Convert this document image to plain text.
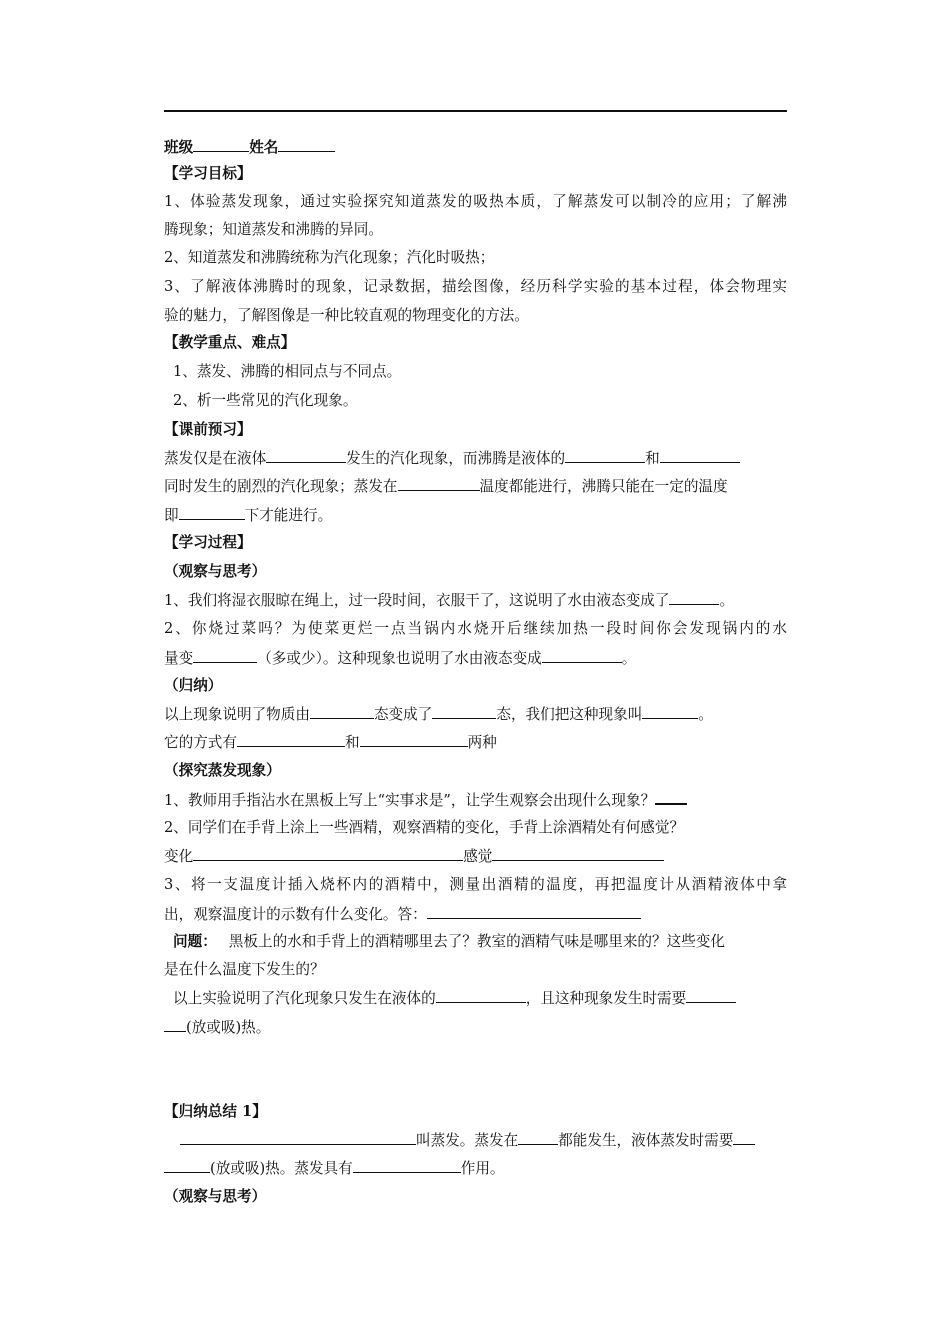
班级	姓名
【学习目标】
1、体验蒸发现象，通过实验探究知道蒸发的吸热本质，了解蒸发可以制冷的应用；了解沸
腾现象；知道蒸发和沸腾的异同。
2、知道蒸发和沸腾统称为汽化现象；汽化时吸热；
3、了解液体沸腾时的现象，记录数据，描绘图像，经历科学实验的基本过程，体会物理实
验的魅力，了解图像是一种比较直观的物理变化的方法。
【教学重点、难点】
1、蒸发、沸腾的相同点与不同点。
2、析一些常见的汽化现象。
【课前预习】
蒸发仅是在液体	发生的汽化现象，而沸腾是液体的	和
同时发生的剧烈的汽化现象；蒸发在	温度都能进行，沸腾只能在一定的温度
即	下才能进行。
【学习过程】
（观察与思考）
1、我们将湿衣服晾在绳上，过一段时间，衣服干了，这说明了水由液态变成了	。
2、你烧过菜吗？为使菜更烂一点当锅内水烧开后继续加热一段时间你会发现锅内的水
量变	（多或少）。这种现象也说明了水由液态变成	。
（归纳）
以上现象说明了物质由	态变成了	态，我们把这种现象叫	。
它的方式有	和	两种
（探究蒸发现象）
1、教师用手指沾水在黑板上写上“实事求是”，让学生观察会出现什么现象？
2、同学们在手背上涂上一些酒精，观察酒精的变化，手背上涂酒精处有何感觉？
变化	感觉
3、将一支温度计插入烧杯内的酒精中，测量出酒精的温度，再把温度计从酒精液体中拿
出，观察温度计的示数有什么变化。答：
问题： 黑板上的水和手背上的酒精哪里去了？教室的酒精气味是哪里来的？这些变化
是在什么温度下发生的？
以上实验说明了汽化现象只发生在液体的	，且这种现象发生时需要
(放或吸)热。
【归纳总结 1】
叫蒸发。蒸发在	都能发生，液体蒸发时需要
(放或吸)热。蒸发具有	作用。
（观察与思考）
